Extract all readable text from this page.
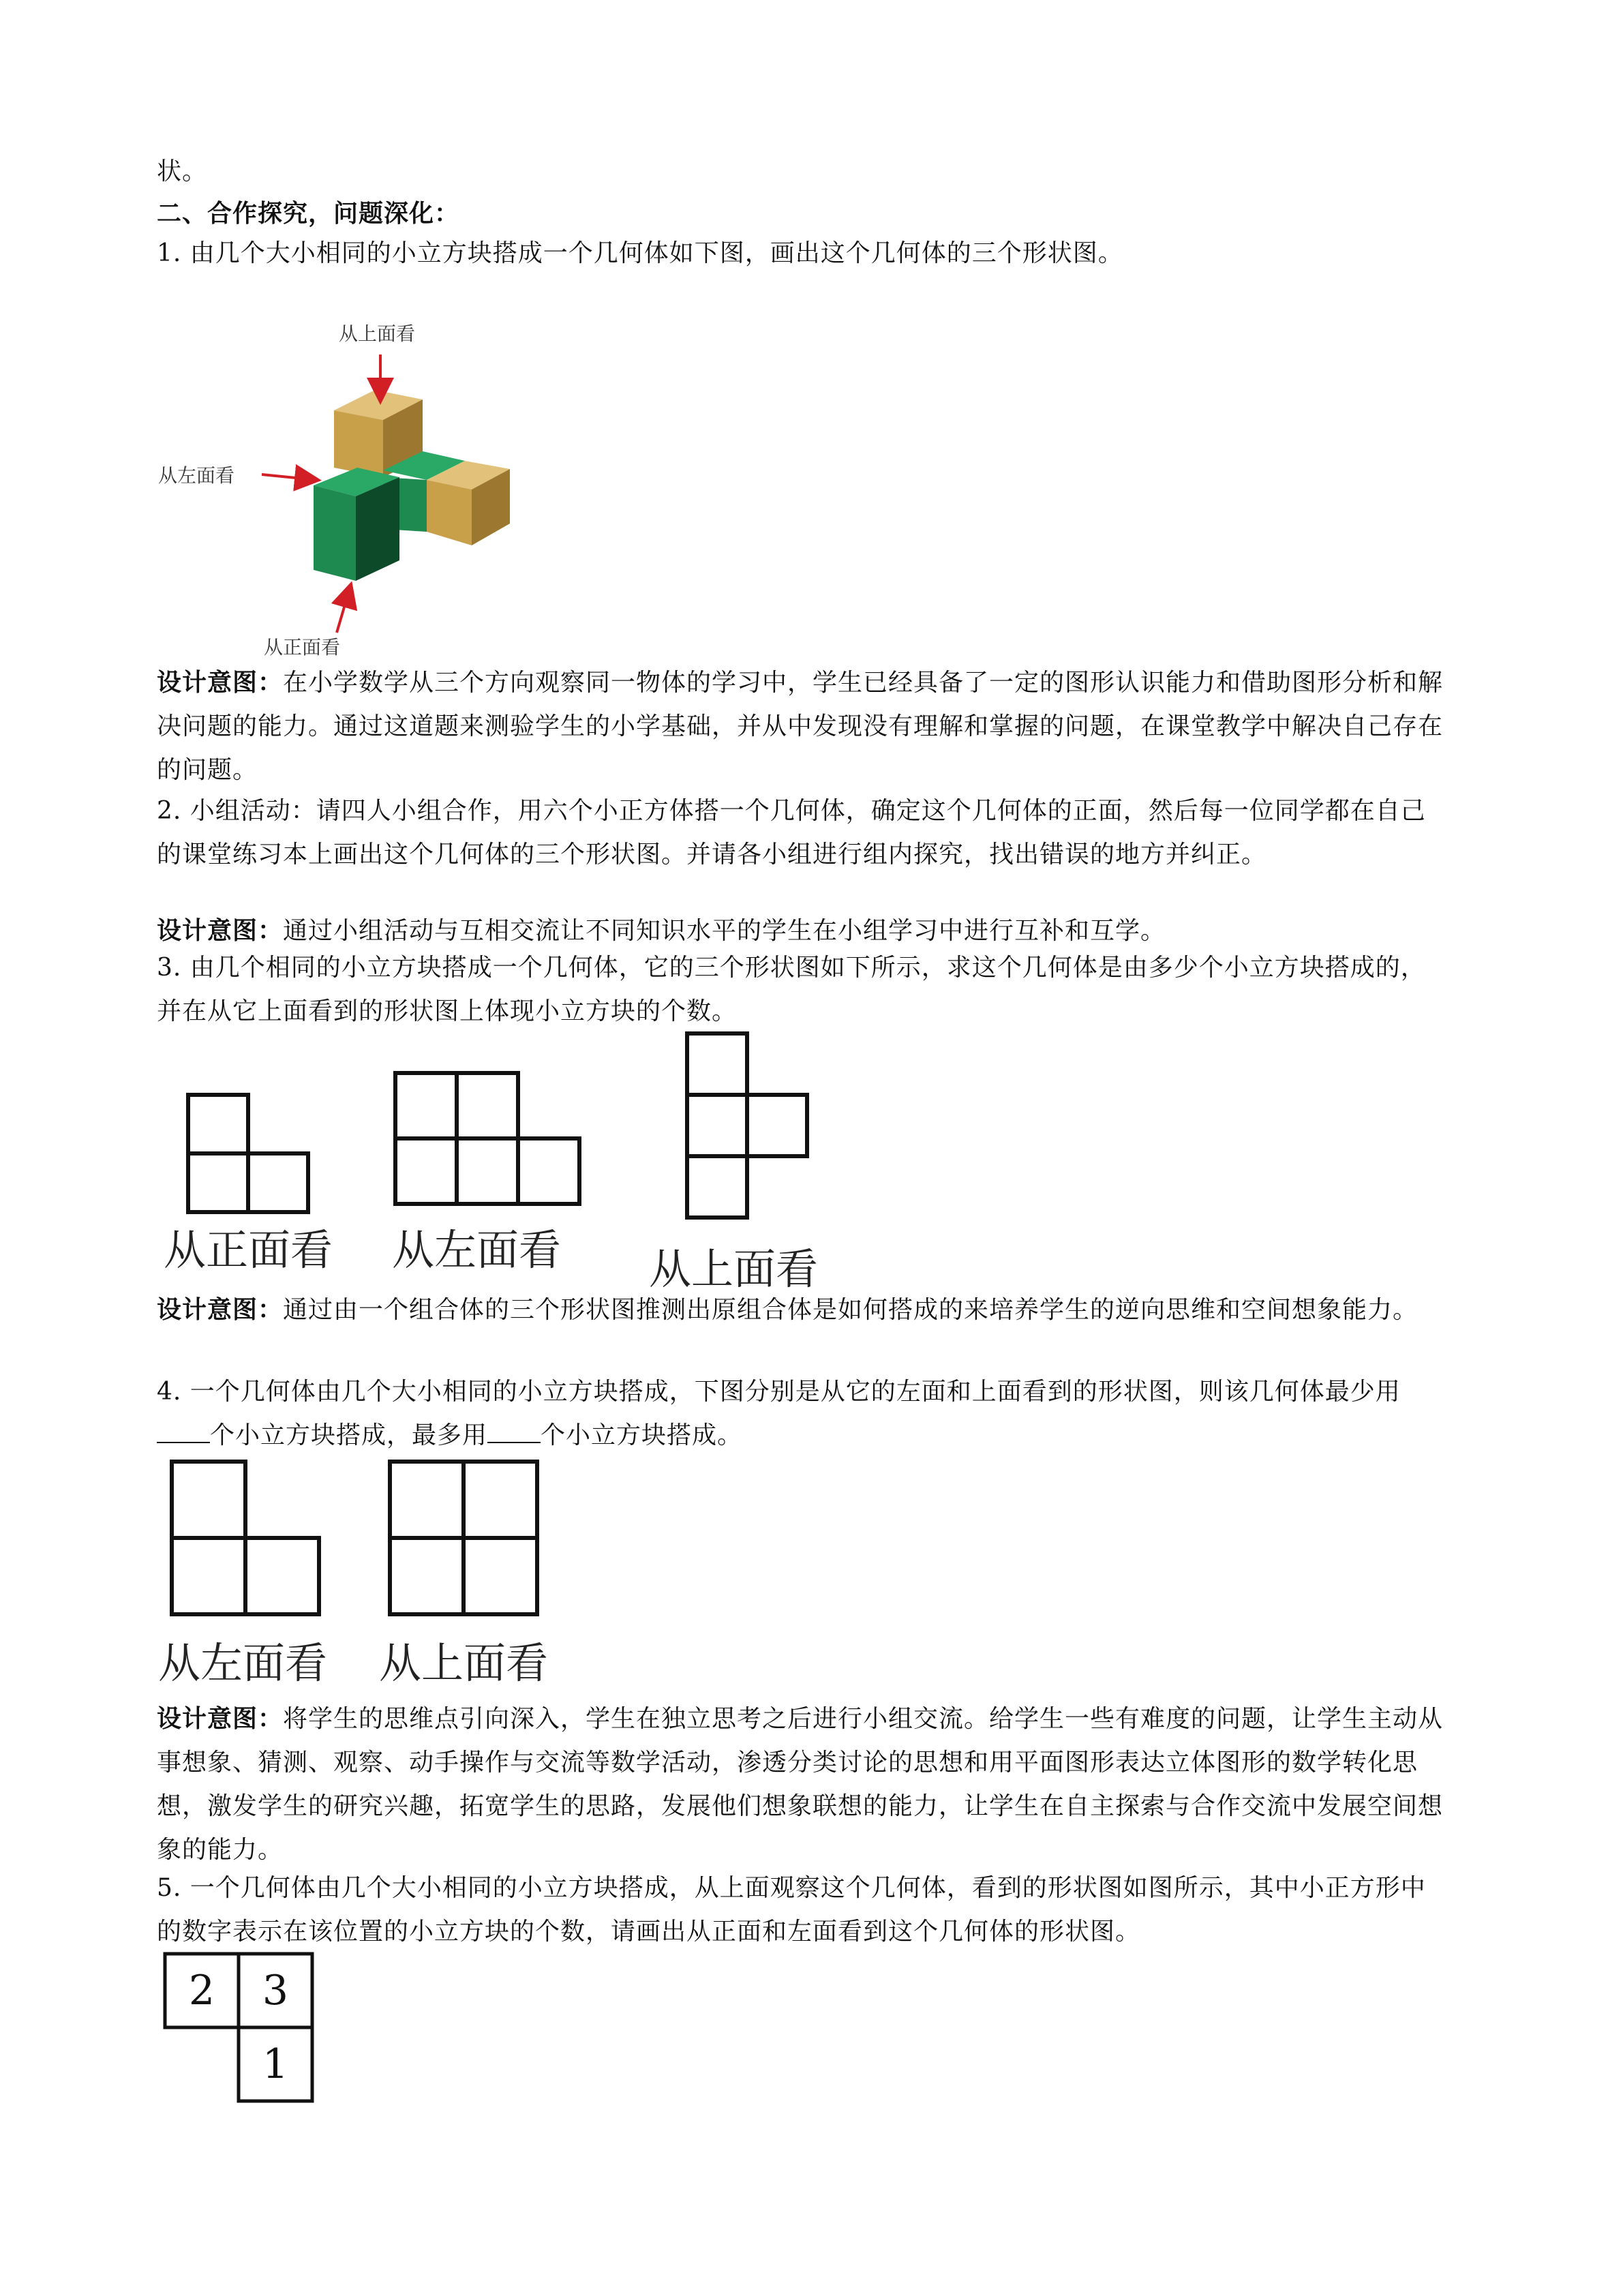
状。
二、合作探究，问题深化：
1. 由几个大小相同的小立方块搭成一个几何体如下图，画出这个几何体的三个形状图。
从上面看
从左面看
从正面看
设计意图：在小学数学从三个方向观察同一物体的学习中，学生已经具备了一定的图形认识能力和借助图形分析和解决问题的能力。通过这道题来测验学生的小学基础，并从中发现没有理解和掌握的问题，在课堂教学中解决自己存在的问题。
2. 小组活动：请四人小组合作，用六个小正方体搭一个几何体，确定这个几何体的正面，然后每一位同学都在自己的课堂练习本上画出这个几何体的三个形状图。并请各小组进行组内探究，找出错误的地方并纠正。
设计意图：通过小组活动与互相交流让不同知识水平的学生在小组学习中进行互补和互学。
3. 由几个相同的小立方块搭成一个几何体，它的三个形状图如下所示，求这个几何体是由多少个小立方块搭成的，并在从它上面看到的形状图上体现小立方块的个数。
从正面看 从左面看 从上面看
设计意图：通过由一个组合体的三个形状图推测出原组合体是如何搭成的来培养学生的逆向思维和空间想象能力。
4. 一个几何体由几个大小相同的小立方块搭成，下图分别是从它的左面和上面看到的形状图，则该几何体最少用个小立方块搭成，最多用 个小立方块搭成。
从左面看 从上面看
设计意图：将学生的思维点引向深入，学生在独立思考之后进行小组交流。给学生一些有难度的问题，让学生主动从事想象、猜测、观察、动手操作与交流等数学活动，渗透分类讨论的思想和用平面图形表达立体图形的数学转化思想，激发学生的研究兴趣，拓宽学生的思路，发展他们想象联想的能力，让学生在自主探索与合作交流中发展空间想象的能力。
5. 一个几何体由几个大小相同的小立方块搭成，从上面观察这个几何体，看到的形状图如图所示，其中小正方形中的数字表示在该位置的小立方块的个数，请画出从正面和左面看到这个几何体的形状图。
2	3
1
